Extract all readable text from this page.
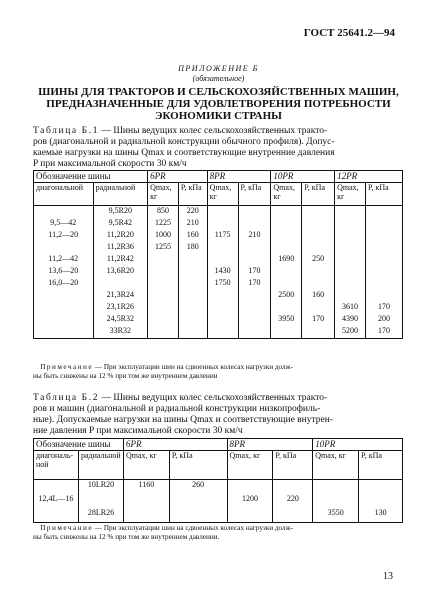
ГОСТ 25641.2—94
ПРИЛОЖЕНИЕ Б
(обязательное)
ШИНЫ ДЛЯ ТРАКТОРОВ И СЕЛЬСКОХОЗЯЙСТВЕННЫХ МАШИН,
ПРЕДНАЗНАЧЕННЫЕ ДЛЯ УДОВЛЕТВОРЕНИЯ ПОТРЕБНОСТИ
ЭКОНОМИКИ СТРАНЫ
Таблица Б.1 — Шины ведущих колес сельскохозяйственных тракто-
ров (диагональной и радиальной конструкции обычного профиля). Допус-
каемые нагрузки на шины Qmax и соответствующие внутренние давления
P при максимальной скорости 30 км/ч
Обозначение шины		6PR		8PR		10PR		12PR	
диагональной	радиальной	Qmax, кг	P, кПа	Qmax, кг	P, кПа	Qmax, кг	P, кПа	Qmax, кг	P, кПа
	9,5R20	850	220						
9,5—42	9,5R42	1225	210						
11,2—20	11,2R20	1000	160	1175	210				
	11,2R36	1255	180						
11,2—42	11,2R42					1690	250		
13,6—20	13,6R20			1430	170				
16,0—20				1750	170				
	21,3R24					2500	160		
	23,1R26							3610	170
	24,5R32					3950	170	4390	200
	33R32							5200	170
Примечание — При эксплуатации шин на сдвоенных колесах нагрузки долж-
ны быть снижены на 12 % при том же внутреннем давлении
Таблица Б.2 — Шины ведущих колес сельскохозяйственных тракто-
ров и машин (диагональной и радиальной конструкции низкопрофиль-
ные). Допускаемые нагрузки на шины Qmax и соответствующие внутрен-
ние давления P при максимальной скорости 30 км/ч
Обозначение шины		6PR		8PR		10PR	
диагональ-ной	радиальной	Qmax, кг	P, кПа	Qmax, кг	P, кПа	Qmax, кг	P, кПа
	10LR20	1160	260				
12,4L—16				1200	220		
	28LR26					3550	130
Примечание — При эксплуатации шин на сдвоенных колесах нагрузки долж-
ны быть снижены на 12 % при том же внутреннем давлении.
13
